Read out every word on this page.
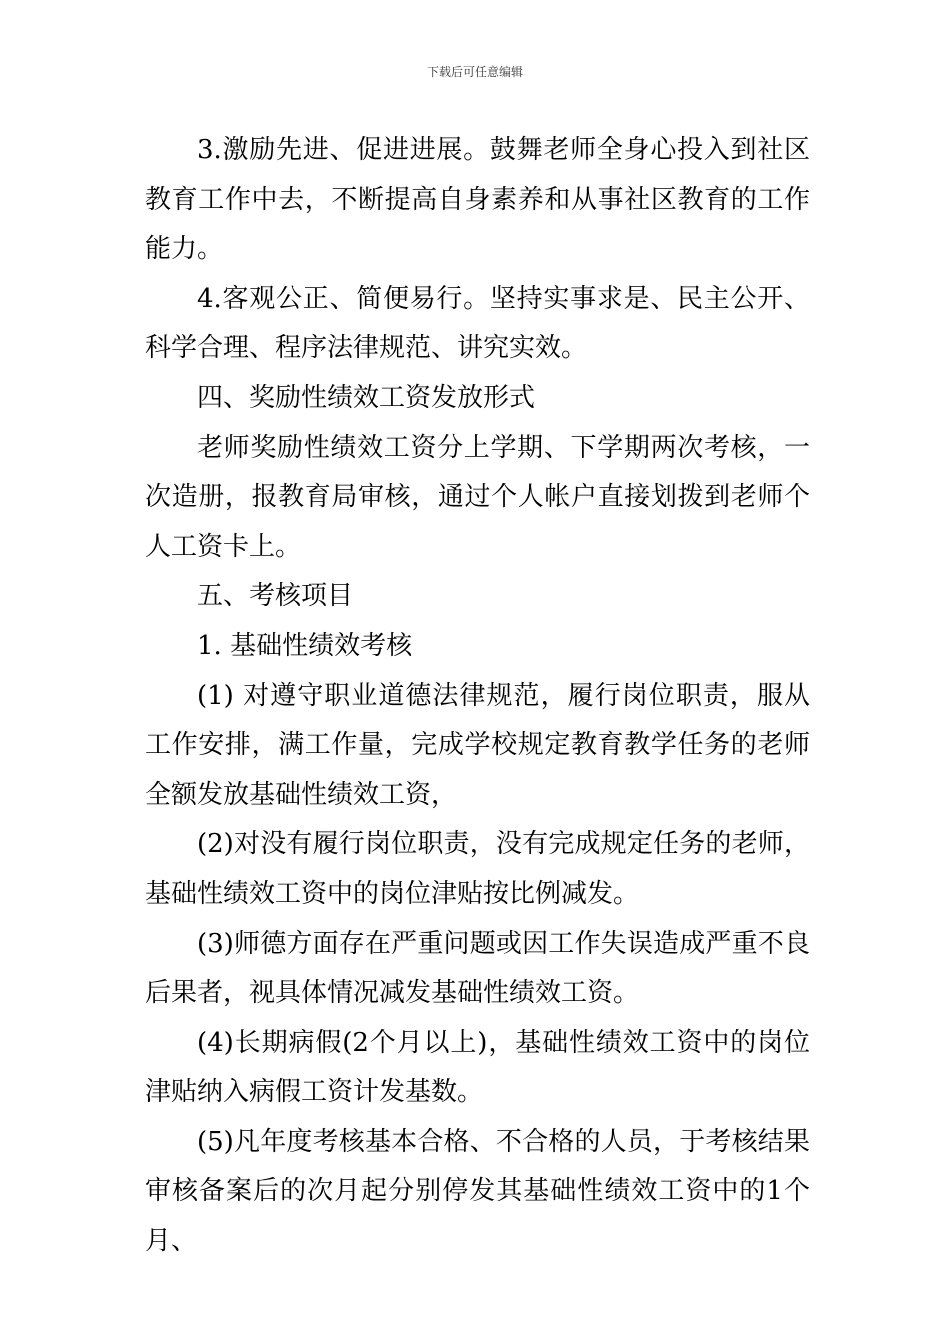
下载后可任意编辑

3.激励先进、促进进展。鼓舞老师全身心投入到社区教育工作中去，不断提高自身素养和从事社区教育的工作能力。

4.客观公正、简便易行。坚持实事求是、民主公开、科学合理、程序法律规范、讲究实效。

四、奖励性绩效工资发放形式

老师奖励性绩效工资分上学期、下学期两次考核，一次造册，报教育局审核，通过个人帐户直接划拨到老师个人工资卡上。

五、考核项目

1. 基础性绩效考核

(1) 对遵守职业道德法律规范，履行岗位职责，服从工作安排，满工作量，完成学校规定教育教学任务的老师全额发放基础性绩效工资，

(2)对没有履行岗位职责，没有完成规定任务的老师，基础性绩效工资中的岗位津贴按比例减发。

(3)师德方面存在严重问题或因工作失误造成严重不良后果者，视具体情况减发基础性绩效工资。

(4)长期病假(2个月以上)，基础性绩效工资中的岗位津贴纳入病假工资计发基数。

(5)凡年度考核基本合格、不合格的人员，于考核结果审核备案后的次月起分别停发其基础性绩效工资中的1个月、
